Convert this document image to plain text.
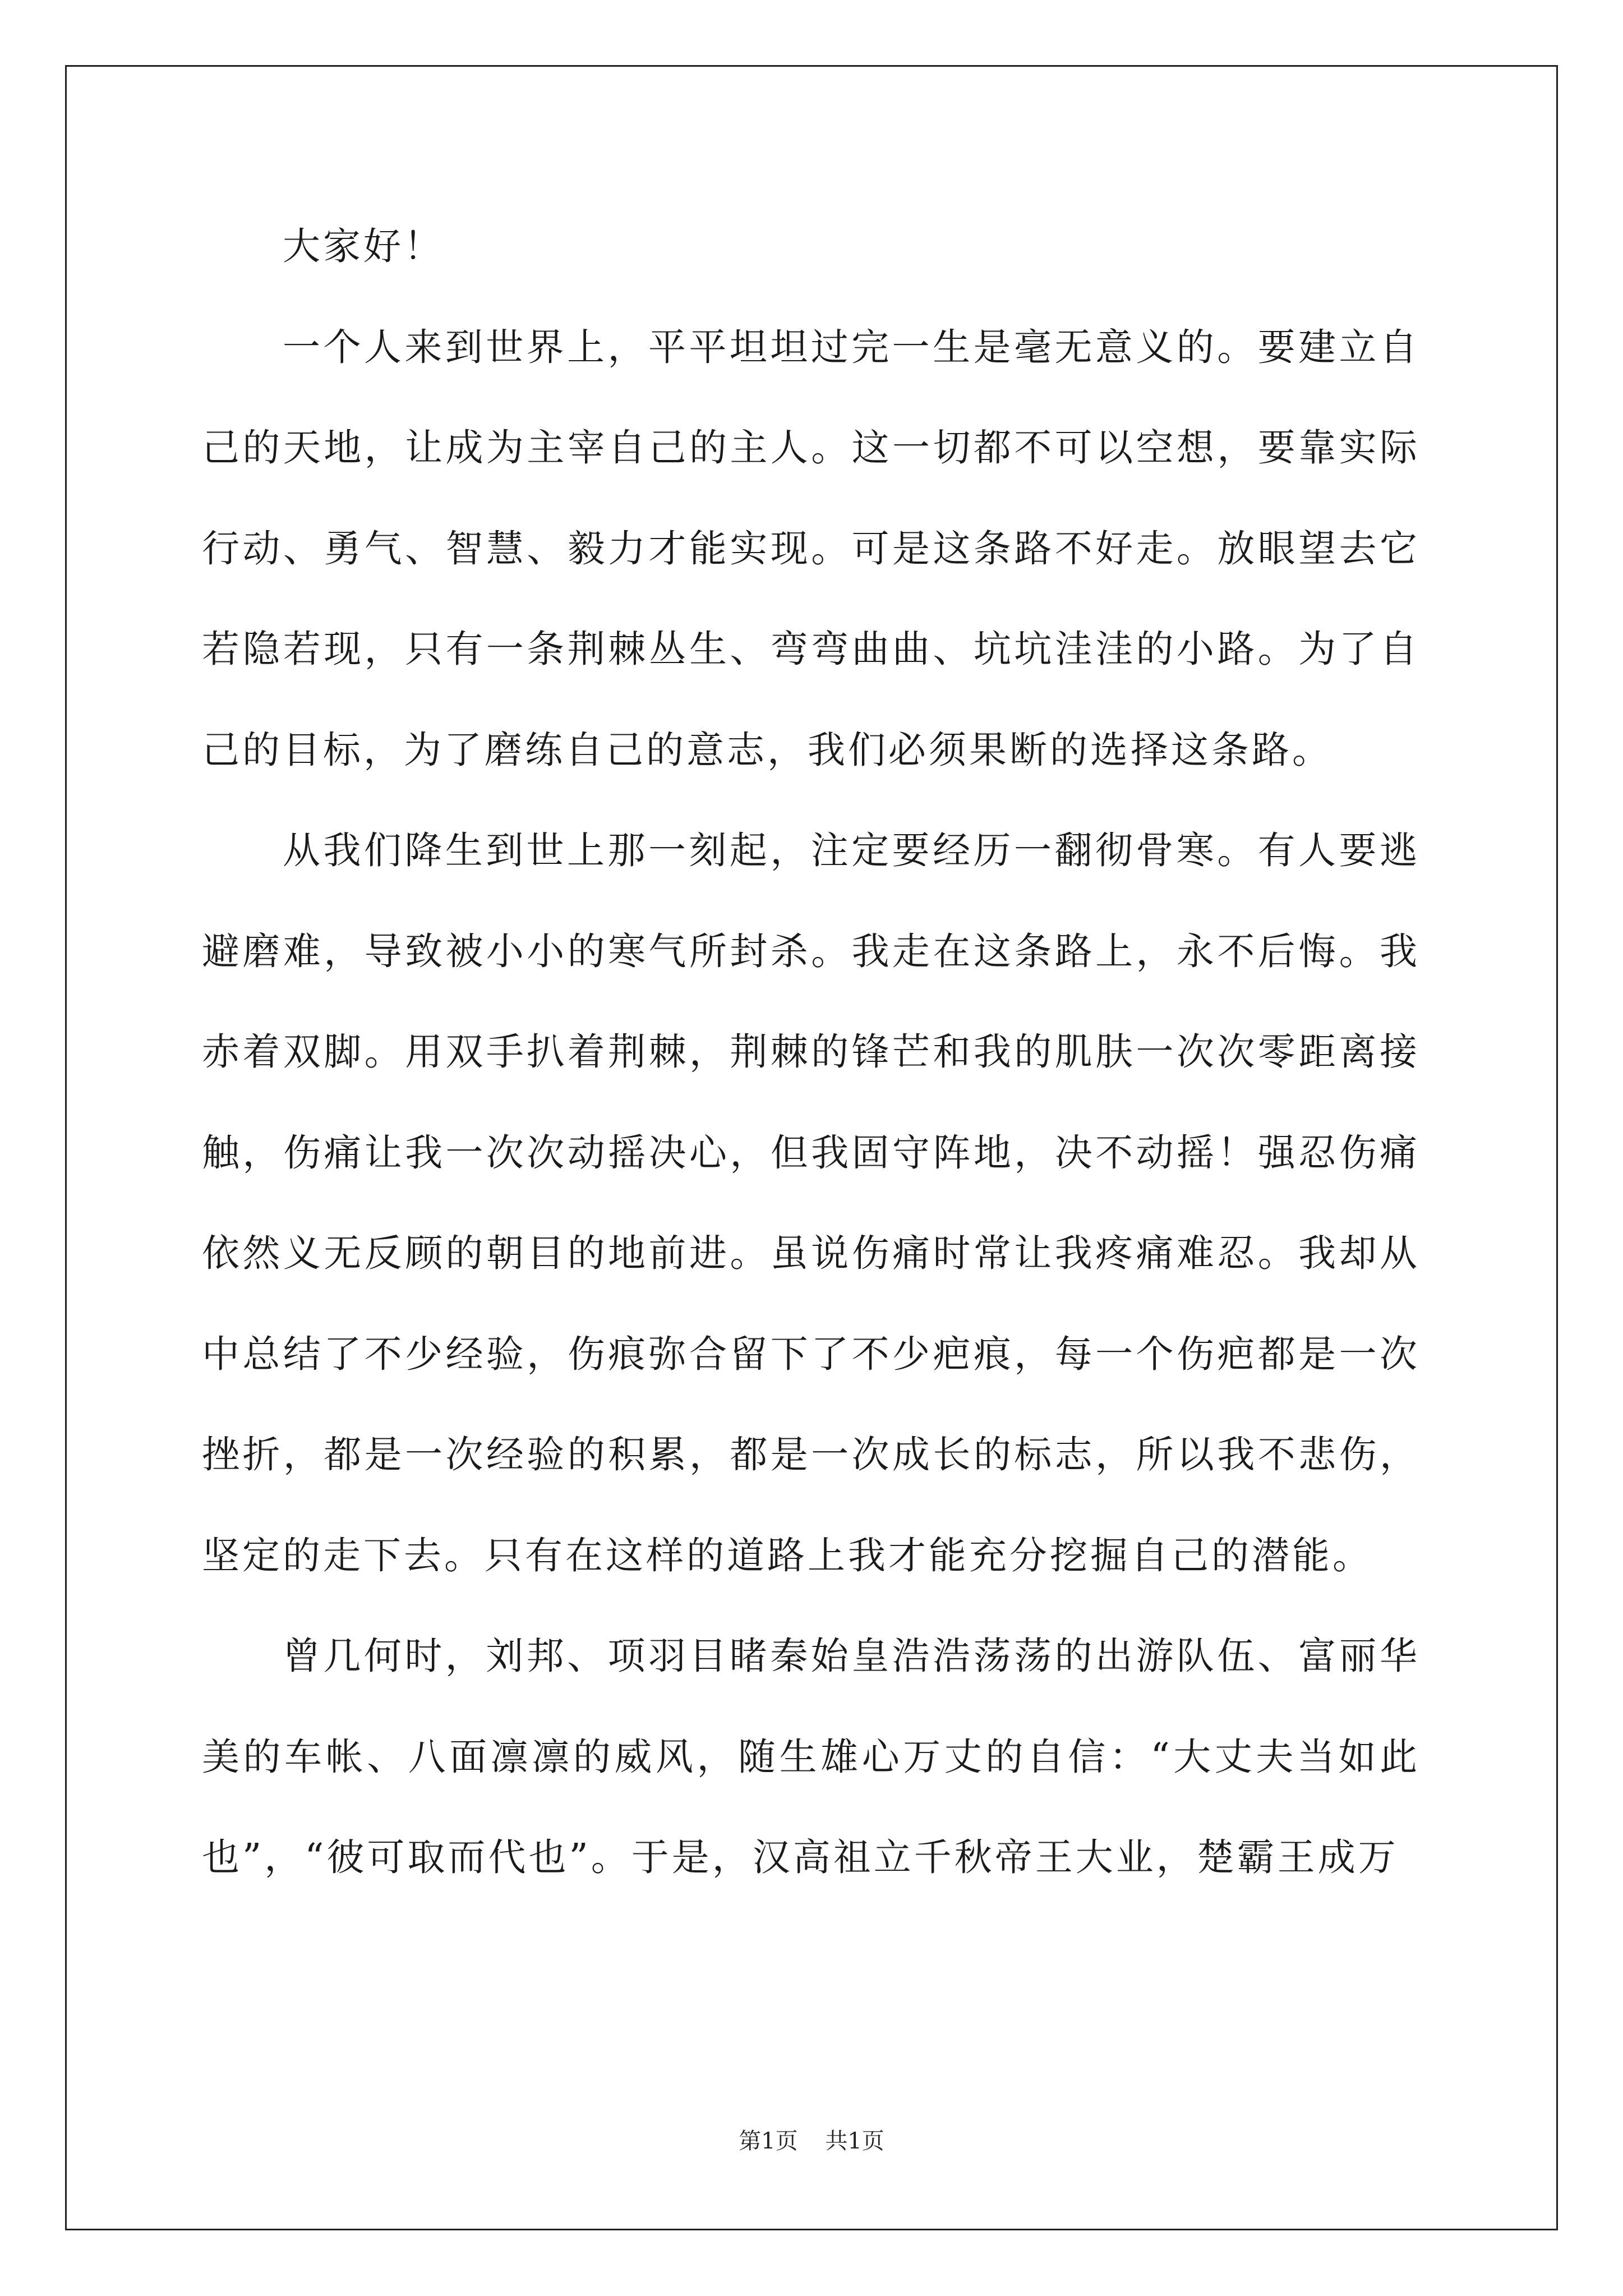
大家好！

一个人来到世界上，平平坦坦过完一生是毫无意义的。要建立自己的天地，让成为主宰自己的主人。这一切都不可以空想，要靠实际行动、勇气、智慧、毅力才能实现。可是这条路不好走。放眼望去它若隐若现，只有一条荆棘丛生、弯弯曲曲、坑坑洼洼的小路。为了自己的目标，为了磨练自己的意志，我们必须果断的选择这条路。

从我们降生到世上那一刻起，注定要经历一翻彻骨寒。有人要逃避磨难，导致被小小的寒气所封杀。我走在这条路上，永不后悔。我赤着双脚。用双手扒着荆棘，荆棘的锋芒和我的肌肤一次次零距离接触，伤痛让我一次次动摇决心，但我固守阵地，决不动摇！强忍伤痛依然义无反顾的朝目的地前进。虽说伤痛时常让我疼痛难忍。我却从中总结了不少经验，伤痕弥合留下了不少疤痕，每一个伤疤都是一次挫折，都是一次经验的积累，都是一次成长的标志，所以我不悲伤，坚定的走下去。只有在这样的道路上我才能充分挖掘自己的潜能。

曾几何时，刘邦、项羽目睹秦始皇浩浩荡荡的出游队伍、富丽华美的车帐、八面凛凛的威风，随生雄心万丈的自信：“大丈夫当如此也”，“彼可取而代也”。于是，汉高祖立千秋帝王大业，楚霸王成万

第1页 共1页
